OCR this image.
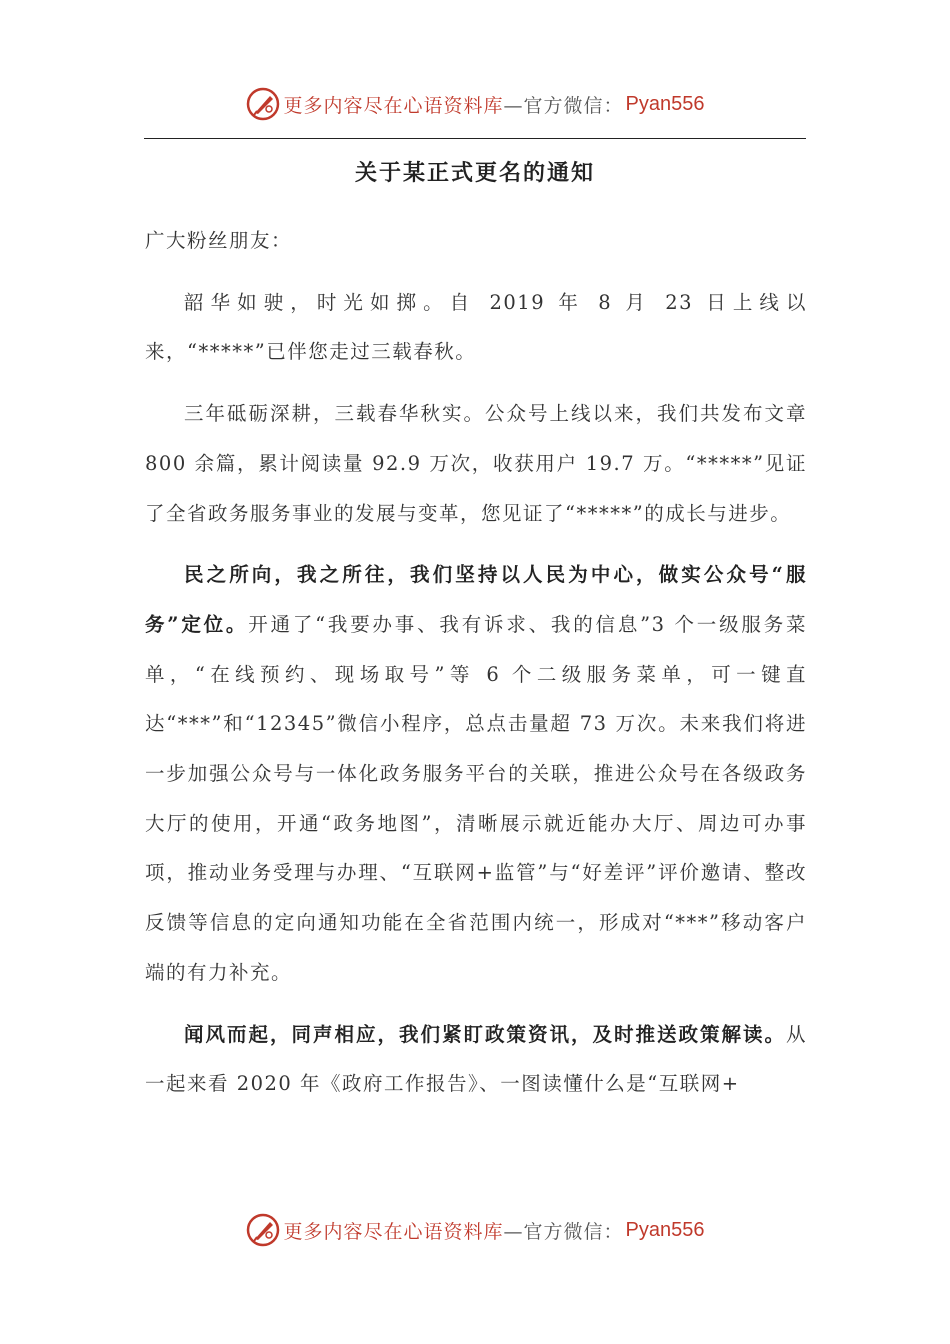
更多内容尽在心语资料库 —官方微信： Pyan556
关于某正式更名的通知

广大粉丝朋友：

韶华如驶，时光如掷。自 2019 年 8 月 23 日上线以来，“*****”已伴您走过三载春秋。

三年砥砺深耕，三载春华秋实。公众号上线以来，我们共发布文章 800 余篇，累计阅读量 92.9 万次，收获用户 19.7 万。“*****”见证了全省政务服务事业的发展与变革，您见证了“*****”的成长与进步。

民之所向，我之所往，我们坚持以人民为中心，做实公众号“服务”定位。开通了“我要办事、我有诉求、我的信息”3 个一级服务菜单，“在线预约、现场取号”等 6 个二级服务菜单，可一键直达“***”和“12345”微信小程序，总点击量超 73 万次。未来我们将进一步加强公众号与一体化政务服务平台的关联，推进公众号在各级政务大厅的使用，开通“政务地图”，清晰展示就近能办大厅、周边可办事项，推动业务受理与办理、“互联网+监管”与“好差评”评价邀请、整改反馈等信息的定向通知功能在全省范围内统一，形成对“***”移动客户端的有力补充。

闻风而起，同声相应，我们紧盯政策资讯，及时推送政策解读。从一起来看 2020 年《政府工作报告》、一图读懂什么是“互联网+

更多内容尽在心语资料库 —官方微信： Pyan556
